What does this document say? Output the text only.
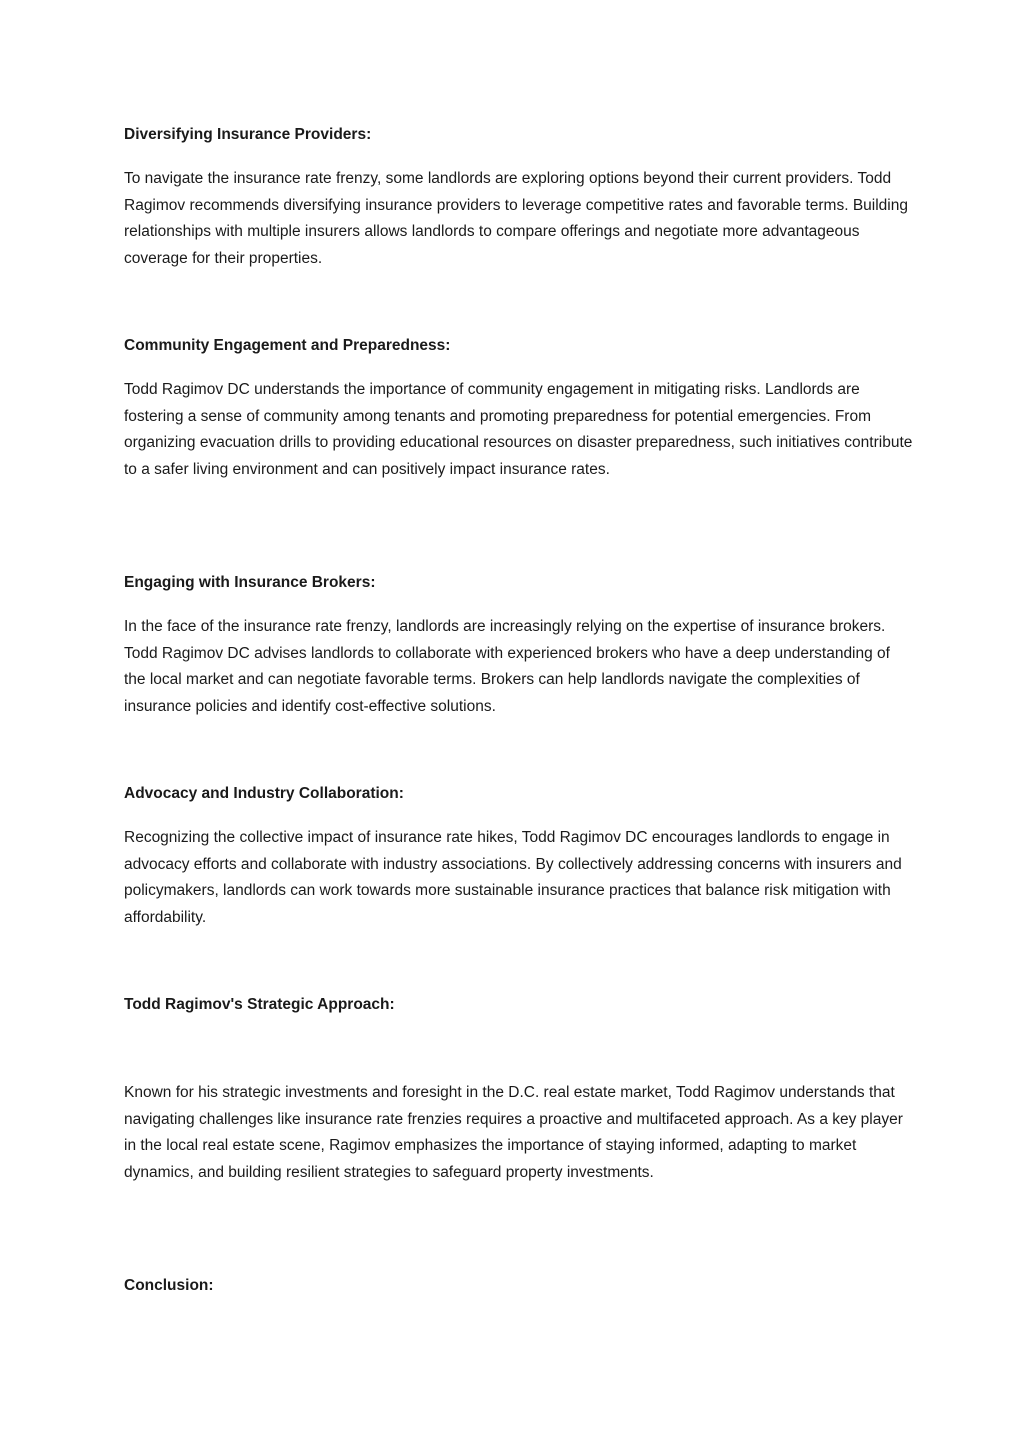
Diversifying Insurance Providers:

To navigate the insurance rate frenzy, some landlords are exploring options beyond their current providers. Todd Ragimov recommends diversifying insurance providers to leverage competitive rates and favorable terms. Building relationships with multiple insurers allows landlords to compare offerings and negotiate more advantageous coverage for their properties.

Community Engagement and Preparedness:

Todd Ragimov DC understands the importance of community engagement in mitigating risks. Landlords are fostering a sense of community among tenants and promoting preparedness for potential emergencies. From organizing evacuation drills to providing educational resources on disaster preparedness, such initiatives contribute to a safer living environment and can positively impact insurance rates.

Engaging with Insurance Brokers:

In the face of the insurance rate frenzy, landlords are increasingly relying on the expertise of insurance brokers. Todd Ragimov DC advises landlords to collaborate with experienced brokers who have a deep understanding of the local market and can negotiate favorable terms. Brokers can help landlords navigate the complexities of insurance policies and identify cost-effective solutions.

Advocacy and Industry Collaboration:

Recognizing the collective impact of insurance rate hikes, Todd Ragimov DC encourages landlords to engage in advocacy efforts and collaborate with industry associations. By collectively addressing concerns with insurers and policymakers, landlords can work towards more sustainable insurance practices that balance risk mitigation with affordability.

Todd Ragimov's Strategic Approach:

Known for his strategic investments and foresight in the D.C. real estate market, Todd Ragimov understands that navigating challenges like insurance rate frenzies requires a proactive and multifaceted approach. As a key player in the local real estate scene, Ragimov emphasizes the importance of staying informed, adapting to market dynamics, and building resilient strategies to safeguard property investments.

Conclusion:
